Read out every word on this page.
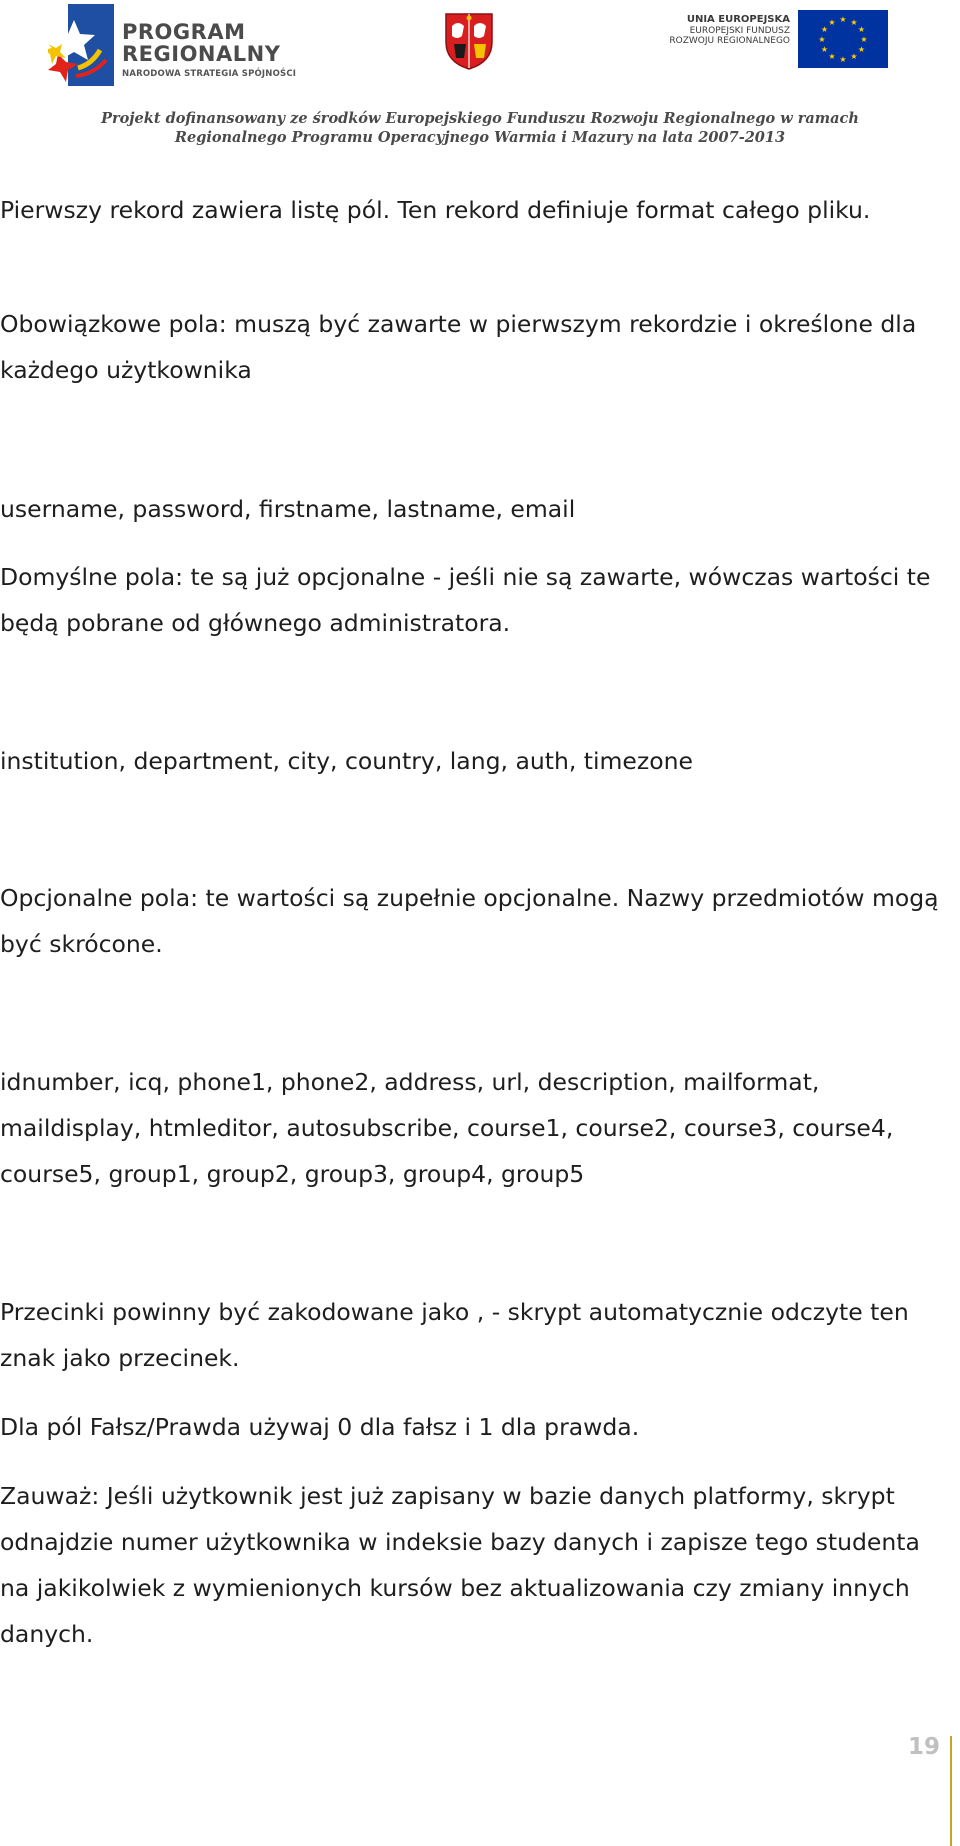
PROGRAM
REGIONALNY
NARODOWA STRATEGIA SPÓJNOŚCI
UNIA EUROPEJSKA
EUROPEJSKI FUNDUSZ
ROZWOJU REGIONALNEGO
★ ★
★
★
★
★
★
★
★
★
★
★
Projekt dofinansowany ze środków Europejskiego Funduszu Rozwoju Regionalnego w ramach
Regionalnego Programu Operacyjnego Warmia i Mazury na lata 2007-2013

Pierwszy rekord zawiera listę pól. Ten rekord definiuje format całego pliku.

Obowiązkowe pola: muszą być zawarte w pierwszym rekordzie i określone dla każdego użytkownika

username, password, firstname, lastname, email

Domyślne pola: te są już opcjonalne - jeśli nie są zawarte, wówczas wartości te będą pobrane od głównego administratora.

institution, department, city, country, lang, auth, timezone

Opcjonalne pola: te wartości są zupełnie opcjonalne. Nazwy przedmiotów mogą być skrócone.

idnumber, icq, phone1, phone2, address, url, description, mailformat, maildisplay, htmleditor, autosubscribe, course1, course2, course3, course4, course5, group1, group2, group3, group4, group5

Przecinki powinny być zakodowane jako , - skrypt automatycznie odczyte ten znak jako przecinek.

Dla pól Fałsz/Prawda używaj 0 dla fałsz i 1 dla prawda.

Zauważ: Jeśli użytkownik jest już zapisany w bazie danych platformy, skrypt odnajdzie numer użytkownika w indeksie bazy danych i zapisze tego studenta na jakikolwiek z wymienionych kursów bez aktualizowania czy zmiany innych danych.

19
